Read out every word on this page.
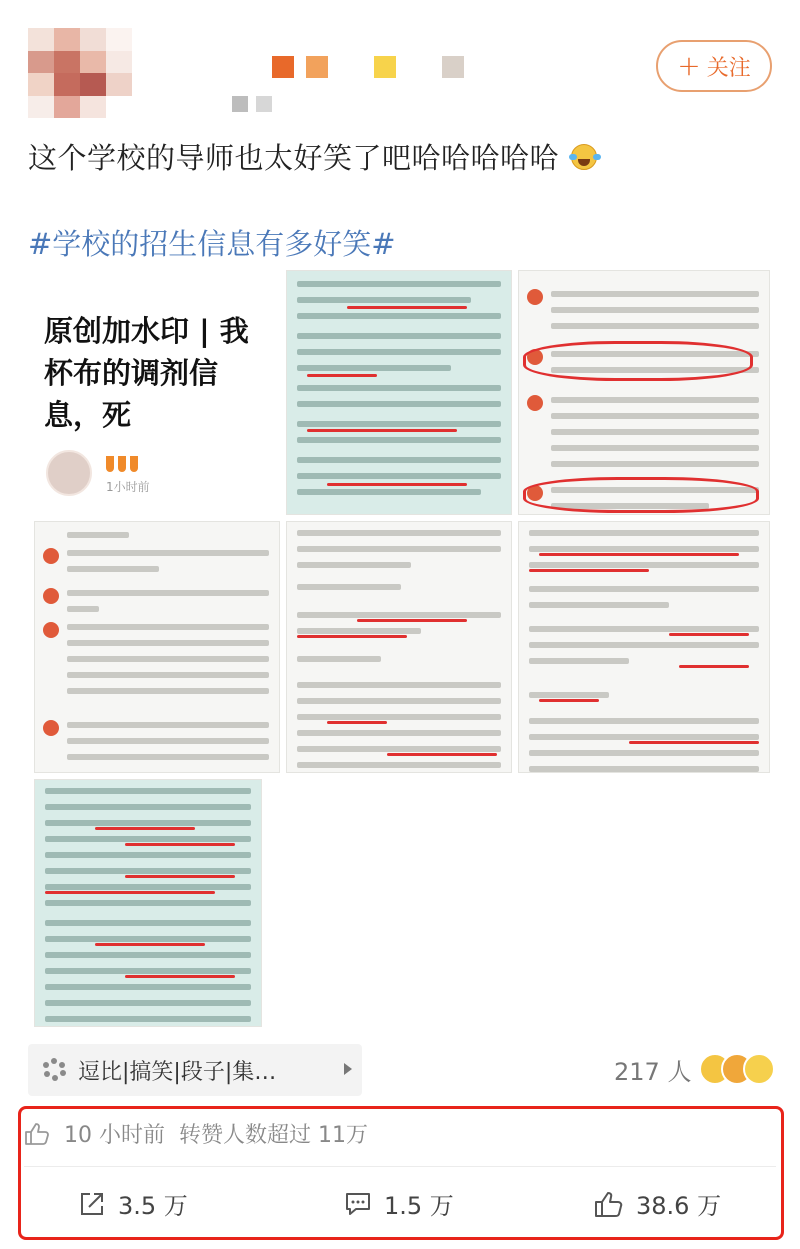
+ 关注
这个学校的导师也太好笑了吧哈哈哈哈哈
#学校的招生信息有多好笑#
原创加水印 | 我杯布的调剂信息，死
1小时前
逗比|搞笑|段子|集…	217 人
10 小时前 转赞人数超过 11万
3.5 万	1.5 万	38.6 万
